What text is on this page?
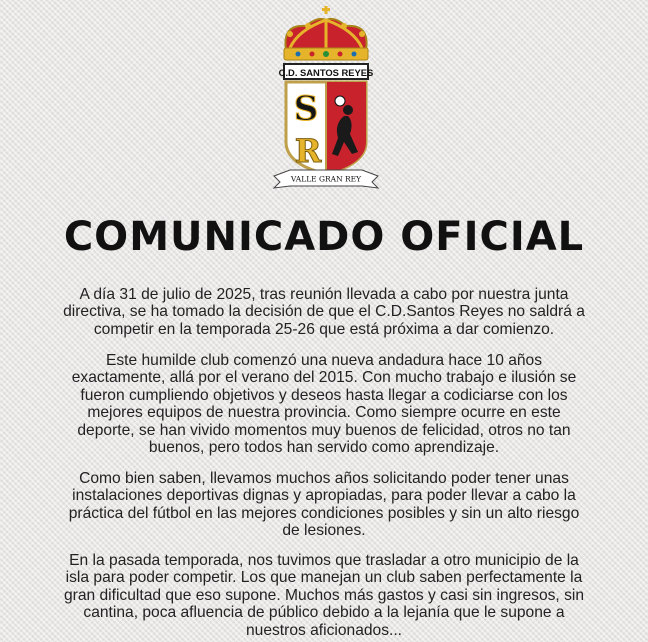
C.D. SANTOS REYES
S
R
VALLE GRAN REY
COMUNICADO OFICIAL

A día 31 de julio de 2025, tras reunión llevada a cabo por nuestra junta directiva, se ha tomado la decisión de que el C.D.Santos Reyes no saldrá a competir en la temporada 25-26 que está próxima a dar comienzo.

Este humilde club comenzó una nueva andadura hace 10 años exactamente, allá por el verano del 2015. Con mucho trabajo e ilusión se fueron cumpliendo objetivos y deseos hasta llegar a codiciarse con los mejores equipos de nuestra provincia. Como siempre ocurre en este deporte, se han vivido momentos muy buenos de felicidad, otros no tan buenos, pero todos han servido como aprendizaje.

Como bien saben, llevamos muchos años solicitando poder tener unas instalaciones deportivas dignas y apropiadas, para poder llevar a cabo la práctica del fútbol en las mejores condiciones posibles y sin un alto riesgo de lesiones.

En la pasada temporada, nos tuvimos que trasladar a otro municipio de la isla para poder competir. Los que manejan un club saben perfectamente la gran dificultad que eso supone. Muchos más gastos y casi sin ingresos, sin cantina, poca afluencia de público debido a la lejanía que le supone a nuestros aficionados...
